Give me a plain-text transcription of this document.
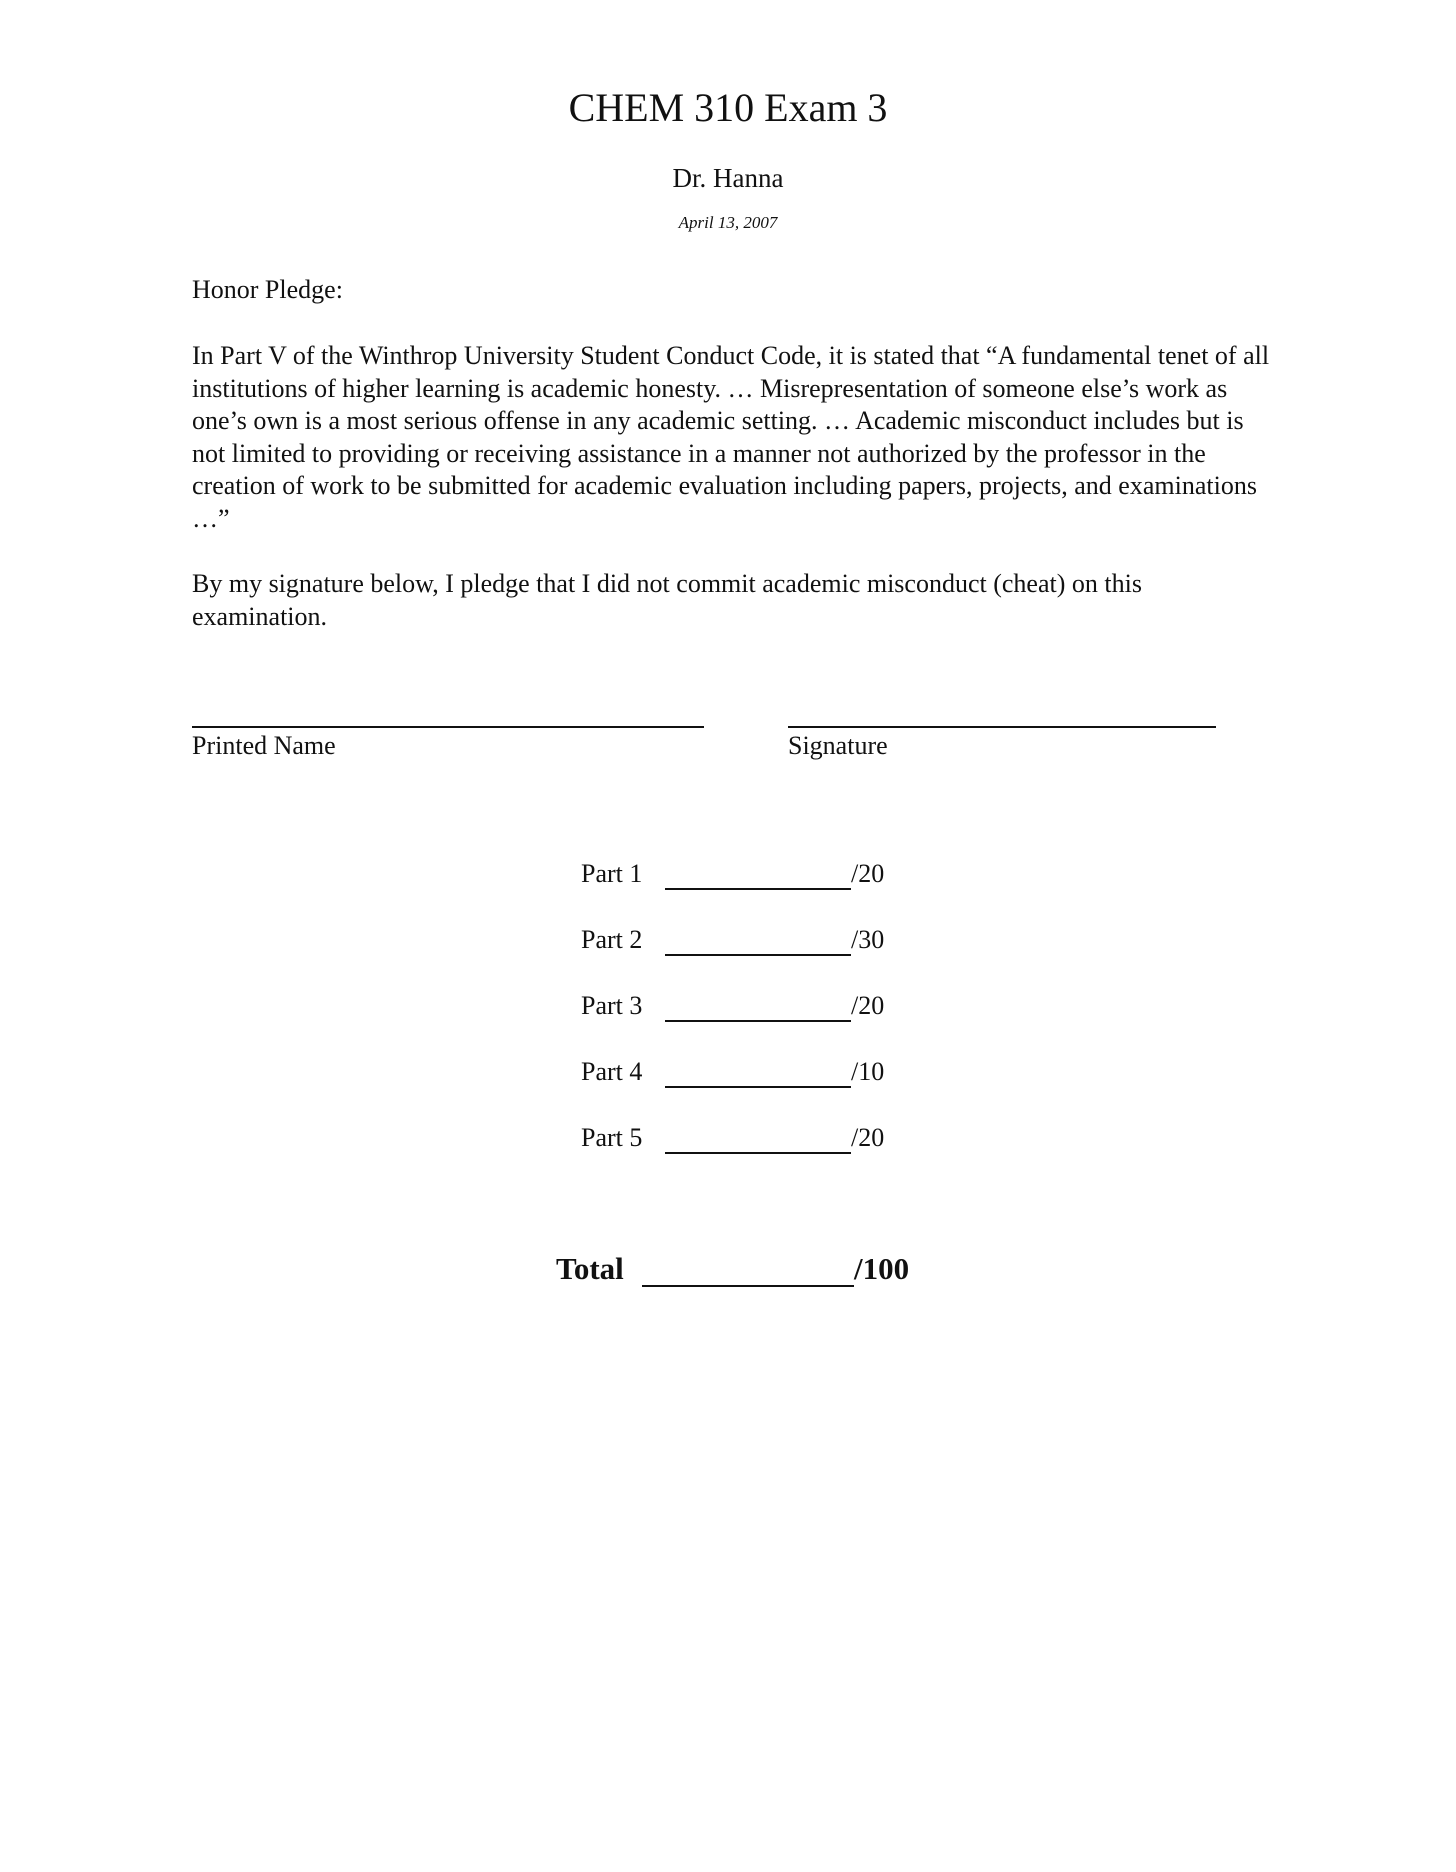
CHEM 310 Exam 3
Dr. Hanna
April 13, 2007
Honor Pledge:
In Part V of the Winthrop University Student Conduct Code, it is stated that “A fundamental tenet of all institutions of higher learning is academic honesty. … Misrepresentation of someone else’s work as one’s own is a most serious offense in any academic setting. … Academic misconduct includes but is not limited to providing or receiving assistance in a manner not authorized by the professor in the creation of work to be submitted for academic evaluation including papers, projects, and examinations …”
By my signature below, I pledge that I did not commit academic misconduct (cheat) on this examination.
Printed Name	Signature
Part 1	/20
Part 2	/30
Part 3	/20
Part 4	/10
Part 5	/20
Total	/100
